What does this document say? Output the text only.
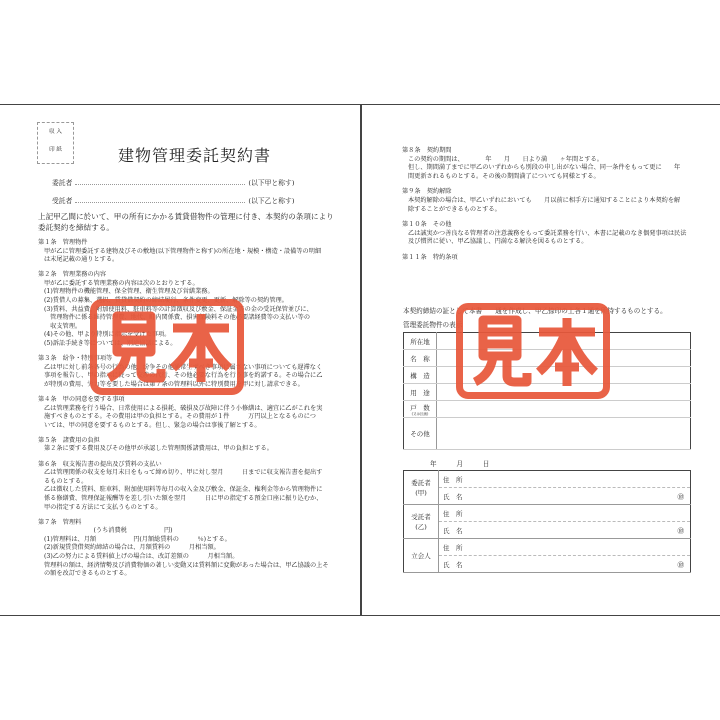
収 入
印 紙	建物管理委託契約書
委託者	(以下甲と称す)
受託者	(以下乙と称す)
上記甲乙間に於いて、甲の所有にかかる賃貸借物件の管理に付き、本契約の条項により
委託契約を締結する。
第１条　管理物件
甲が乙に管理委託する建物及びその敷地(以下管理物件と称す)の所在地・規模・構造・設備等の明細
は末尾記載の通りとする。
第２条　管理業務の内容
甲が乙に委託する管理業務の内容は次のとおりとする。
(1)管理物件の機能管理、保全管理、衛生管理及び営繕業務。
(2)賃借人の募集、選択、賃貸借契約の締結履行、条件変更、更新、解除等の契約管理。
(3)賃料、共益費、附加使用料、駐車料等の計算徴収及び敷金、保証金等の金の受託保管並びに、
　管理物件に係る維持管理費、地代、町内関係費、損害保険料その他必要諸経費等の支払い等の
　収支管理。
(4)その他、甲より特別に指示を受けた事項。
(5)訴訟手続き等については、別途協議による。
第３条　紛争・特別事項等
乙は甲に対し前条各号の行為の他、紛争その他通常生ずべき事項に属さない事項についても遅滞なく
事項を報告し、甲の指示に従って交渉の代行、その他必要な行為を行う事を約諾する。その場合に乙
が特別の費用、労力等を要した場合は第７条の管理料以外に特別費用を甲に対し請求できる。
第４条　甲の同意を要する事項
乙は管理業務を行う場合、日常使用による損耗、破損及び故障に伴う小修繕は、適宜に乙がこれを実
施すべきものとする。その費用は甲の負担とする。その費用が１件　　　万円以上となるものにつ
いては、甲の同意を要するものとする。但し、緊急の場合は事後了解とする。
第５条　諸費用の負担
第２条に要する費用及びその他甲が承認した管理関係諸費用は、甲の負担とする。
第６条　収支報告書の提出及び賃料の支払い
乙は管理関係の収支を毎月末日をもって締め切り、甲に対し翌月　　　日までに収支報告書を提出す
るものとする。
乙は徴収した賃料、駐車料、附加使用料等毎月の収入金及び敷金、保証金、権利金等から管理物件に
係る修繕費、管理保証報酬等を差し引いた額を翌月　　　日に甲の指定する預金口座に振り込むか、
甲の指定する方法にて支払うものとする。
第７条　管理料
　　　　　　　　(うち消費税　　　　　　円)
(1)管理料は、月額　　　　　　円(月額総賃料の　　　％)とする。
(2)新規賃貸借契約締結の場合は、月額賃料の　　　月相当額。
(3)乙の努力による賃料値上げの場合は、改訂差額の　　　月相当額。
管理料の額は、経済情勢及び消費物価の著しい変動又は賃料額に変動があった場合は、甲乙協議の上そ
の額を改訂できるものとする。
第８条　契約期間
この契約の期間は、　　　　年　　月　　日より満　　ヶ年間とする。
但し、期間満了までに甲乙のいずれからも別段の申し出がない場合、同一条件をもって更に　　年
間更新されるものとする。その後の期間満了についても同様とする。
第９条　契約解除
本契約解除の場合は、甲乙いずれにおいても　　月以前に相手方に通知することにより本契約を解
除することができるものとする。
第１０条　その他
乙は誠実かつ善良なる管理者の注意義務をもって委託業務を行い、本書に記載のなき偶発事項は民法
及び慣習に従い、甲乙協議し、円満なる解決を図るものとする。
第１１条　特約条項
本契約締結の証として本書　　通を作成し、甲乙捺印の上各１通を所持するものとする。
管理委託物件の表示
所在地	

名　称	

構　造	

用　途	

戸　数
(又は区画)	

その他	

年　　　月　　　日
委託者
(甲)	住　所
	氏　名 ㊞

受託者
(乙)	住　所
	氏　名 ㊞

立会人	住　所
	氏　名 ㊞
